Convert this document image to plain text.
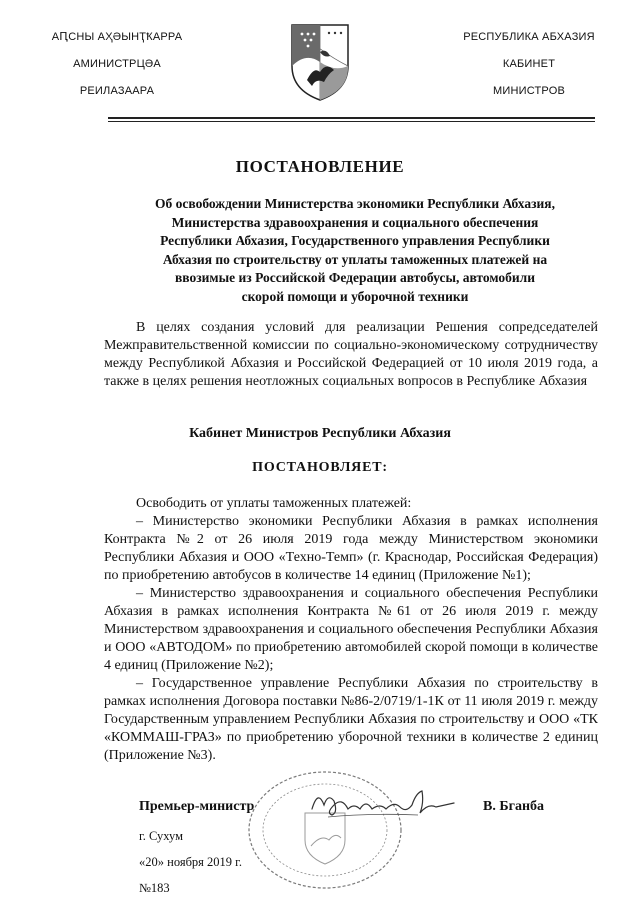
АԤСНЫ АҲӘЫНҬҞАРРА
АМИНИСТРЦӘА
РЕИЛАЗААРА
РЕСПУБЛИКА АБХАЗИЯ
КАБИНЕТ
МИНИСТРОВ
ПОСТАНОВЛЕНИЕ
Об освобождении Министерства экономики Республики Абхазия,
Министерства здравоохранения и социального обеспечения
Республики Абхазия, Государственного управления Республики
Абхазия по строительству от уплаты таможенных платежей на
ввозимые из Российской Федерации автобусы, автомобили
скорой помощи и уборочной техники

В целях создания условий для реализации Решения сопредседателей Межправительственной комиссии по социально-экономическому сотрудничеству между Республикой Абхазия и Российской Федерацией от 10 июля 2019 года, а также в целях решения неотложных социальных вопросов в Республике Абхазия

Кабинет Министров Республики Абхазия
ПОСТАНОВЛЯЕТ:

Освободить от уплаты таможенных платежей:

– Министерство экономики Республики Абхазия в рамках исполнения Контракта №2 от 26 июля 2019 года между Министерством экономики Республики Абхазия и ООО «Техно-Темп» (г. Краснодар, Российская Федерация) по приобретению автобусов в количестве 14 единиц (Приложение №1);

– Министерство здравоохранения и социального обеспечения Республики Абхазия в рамках исполнения Контракта №61 от 26 июля 2019 г. между Министерством здравоохранения и социального обеспечения Республики Абхазия и ООО «АВТОДОМ» по приобретению автомобилей скорой помощи в количестве 4 единиц (Приложение №2);

– Государственное управление Республики Абхазия по строительству в рамках исполнения Договора поставки №86-2/0719/1-1К от 11 июля 2019 г. между Государственным управлением Республики Абхазия по строительству и ООО «ТК «КОММАШ-ГРАЗ» по приобретению уборочной техники в количестве 2 единиц (Приложение №3).

Премьер-министр	В. Бганба
г. Сухум
«20» ноября 2019 г.
№183
